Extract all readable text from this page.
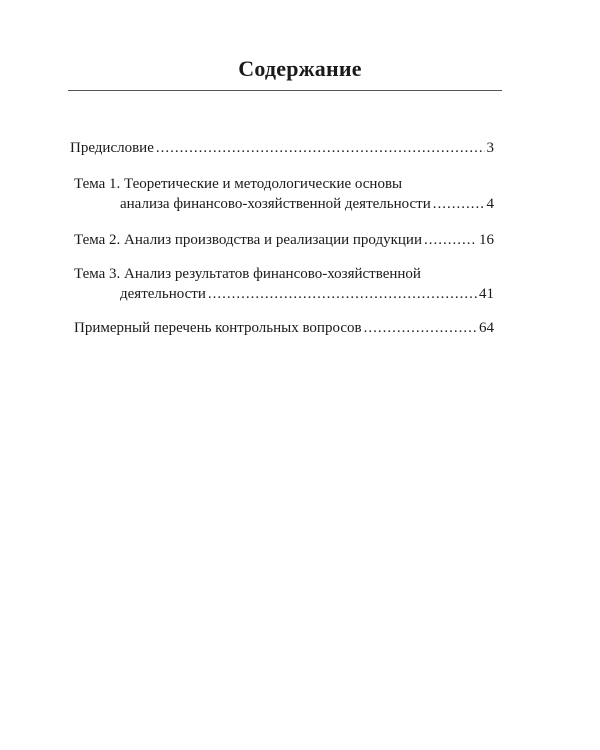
Содержание
Предисловие .....	3
Тема 1. Теоретические и методологические основы
анализа финансово-хозяйственной деятельности .....	4
Тема 2. Анализ производства и реализации продукции .....	16
Тема 3. Анализ результатов финансово-хозяйственной
деятельности .....	41
Примерный перечень контрольных вопросов .....	64
